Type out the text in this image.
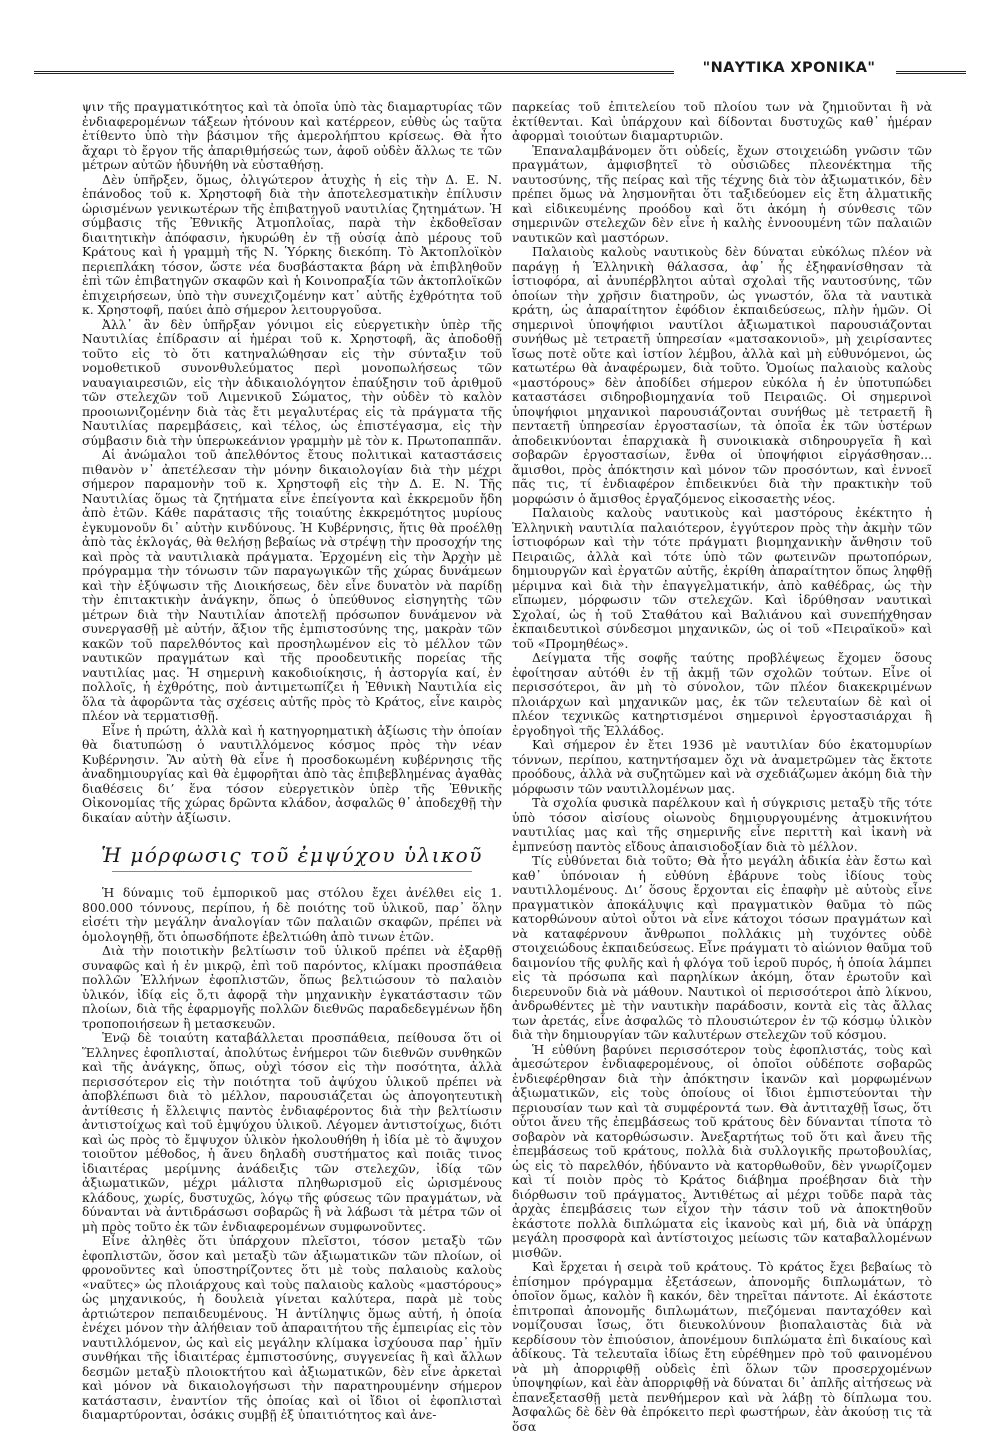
"ΝΑΥΤΙΚΑ ΧΡΟΝΙΚΑ"

ψιν τῆς πραγματικότητος καὶ τὰ ὁποῖα ὑπὸ τὰς διαμαρτυρίας τῶν ἐνδιαφερομένων τάξεων ἠτόνουν καὶ κατέρρεον, εὐθὺς ὡς ταῦτα ἐτίθεντο ὑπὸ τὴν βάσιμον τῆς ἀμερολήπτου κρίσεως. Θὰ ἦτο ἄχαρι τὸ ἔργον τῆς ἀπαριθμήσεώς των, ἀφοῦ οὐδὲν ἄλλως τε τῶν μέτρων αὐτῶν ἠδυνήθη νὰ εὐσταθήσῃ.

Δὲν ὑπῆρξεν, ὅμως, ὀλιγώτερον ἀτυχὴς ἡ εἰς τὴν Δ. Ε. Ν. ἐπάνοδος τοῦ κ. Χρηστοφῆ διὰ τὴν ἀποτελεσματικὴν ἐπίλυσιν ὡρισμένων γενικωτέρων τῆς ἐπιβατηγοῦ ναυτιλίας ζητημάτων. Ἡ σύμβασις τῆς Ἐθνικῆς Ἀτμοπλοΐας, παρὰ τὴν ἐκδοθεῖσαν διαιτητικὴν ἀπόφασιν, ἠκυρώθη ἐν τῇ οὐσίᾳ ἀπὸ μέρους τοῦ Κράτους καὶ ἡ γραμμὴ τῆς Ν. Ὑόρκης διεκόπη. Τὸ Ἀκτοπλοϊκὸν περιεπλάκη τόσον, ὥστε νέα δυσβάστακτα βάρη νὰ ἐπιβληθοῦν ἐπὶ τῶν ἐπιβατηγῶν σκαφῶν καὶ ἡ Κοινοπραξία τῶν ἀκτοπλοϊκῶν ἐπιχειρήσεων, ὑπὸ τὴν συνεχιζομένην κατ᾽ αὐτῆς ἐχθρότητα τοῦ κ. Χρηστοφῆ, παύει ἀπὸ σήμερον λειτουργοῦσα.

Ἀλλ᾽ ἂν δὲν ὑπῆρξαν γόνιμοι εἰς εὐεργετικὴν ὑπὲρ τῆς Ναυτιλίας ἐπίδρασιν αἱ ἡμέραι τοῦ κ. Χρηστοφῆ, ἂς ἀποδοθῇ τοῦτο εἰς τὸ ὅτι κατηναλώθησαν εἰς τὴν σύνταξιν τοῦ νομοθετικοῦ συνονθυλεύματος περὶ μονοπωλήσεως τῶν ναυαγιαιρεσιῶν, εἰς τὴν ἀδικαιολόγητον ἐπαύξησιν τοῦ ἀριθμοῦ τῶν στελεχῶν τοῦ Λιμενικοῦ Σώματος, τὴν οὐδὲν τὸ καλὸν προοιωνιζομένην διὰ τὰς ἔτι μεγαλυτέρας εἰς τὰ πράγματα τῆς Ναυτιλίας παρεμβάσεις, καὶ τέλος, ὡς ἐπιστέγασμα, εἰς τὴν σύμβασιν διὰ τὴν ὑπερωκεάνιον γραμμὴν μὲ τὸν κ. Πρωτοπαππᾶν.

Αἱ ἀνώμαλοι τοῦ ἀπελθόντος ἔτους πολιτικαὶ καταστάσεις πιθανὸν ν᾽ ἀπετέλεσαν τὴν μόνην δικαιολογίαν διὰ τὴν μέχρι σήμερον παραμονὴν τοῦ κ. Χρηστοφῆ εἰς τὴν Δ. Ε. Ν. Τῆς Ναυτιλίας ὅμως τὰ ζητήματα εἶνε ἐπείγοντα καὶ ἐκκρεμοῦν ἤδη ἀπὸ ἐτῶν. Κάθε παράτασις τῆς τοιαύτης ἐκκρεμότητος μυρίους ἐγκυμονοῦν δι᾽ αὐτὴν κινδύνους. Ἡ Κυβέρνησις, ἥτις θὰ προέλθῃ ἀπὸ τὰς ἐκλογάς, θὰ θελήσῃ βεβαίως νὰ στρέψῃ τὴν προσοχήν της καὶ πρὸς τὰ ναυτιλιακὰ πράγματα. Ἐρχομένη εἰς τὴν Ἀρχὴν μὲ πρόγραμμα τὴν τόνωσιν τῶν παραγωγικῶν τῆς χώρας δυνάμεων καὶ τὴν ἐξύψωσιν τῆς Διοικήσεως, δὲν εἶνε δυνατὸν νὰ παρίδῃ τὴν ἐπιτακτικὴν ἀνάγκην, ὅπως ὁ ὑπεύθυνος εἰσηγητὴς τῶν μέτρων διὰ τὴν Ναυτιλίαν ἀποτελῇ πρόσωπον δυνάμενον νὰ συνεργασθῇ μὲ αὐτήν, ἄξιον τῆς ἐμπιστοσύνης της, μακρὰν τῶν κακῶν τοῦ παρελθόντος καὶ προσηλωμένον εἰς τὸ μέλλον τῶν ναυτικῶν πραγμάτων καὶ τῆς προοδευτικῆς πορείας τῆς ναυτιλίας μας. Ἡ σημερινὴ κακοδιοίκησις, ἡ ἀστοργία καί, ἐν πολλοῖς, ἡ ἐχθρότης, ποὺ ἀντιμετωπίζει ἡ Ἐθνικὴ Ναυτιλία εἰς ὅλα τὰ ἀφορῶντα τὰς σχέσεις αὐτῆς πρὸς τὸ Κράτος, εἶνε καιρὸς πλέον νὰ τερματισθῇ.

Εἶνε ἡ πρώτη, ἀλλὰ καὶ ἡ κατηγορηματικὴ ἀξίωσις τὴν ὁποίαν θὰ διατυπώσῃ ὁ ναυτιλλόμενος κόσμος πρὸς τὴν νέαν Κυβέρνησιν. Ἂν αὐτὴ θὰ εἶνε ἡ προσδοκωμένη κυβέρνησις τῆς ἀναδημιουργίας καὶ θὰ ἐμφορῆται ἀπὸ τὰς ἐπιβεβλημένας ἀγαθὰς διαθέσεις διʼ ἕνα τόσον εὐεργετικὸν ὑπὲρ τῆς Ἐθνικῆς Οἰκονομίας τῆς χώρας δρῶντα κλάδον, ἀσφαλῶς θ᾽ ἀποδεχθῇ τὴν δικαίαν αὐτὴν ἀξίωσιν.

Ἡ μόρφωσις τοῦ ἐμψύχου ὑλικοῦ

Ἡ δύναμις τοῦ ἐμπορικοῦ μας στόλου ἔχει ἀνέλθει εἰς 1. 800.000 τόννους, περίπου, ἡ δὲ ποιότης τοῦ ὑλικοῦ, παρ᾽ ὅλην εἰσέτι τὴν μεγάλην ἀναλογίαν τῶν παλαιῶν σκαφῶν, πρέπει νὰ ὁμολογηθῇ, ὅτι ὁπωσδήποτε ἐβελτιώθη ἀπὸ τινων ἐτῶν.

Διὰ τὴν ποιοτικὴν βελτίωσιν τοῦ ὑλικοῦ πρέπει νὰ ἐξαρθῇ συναφῶς καὶ ἡ ἐν μικρῷ, ἐπὶ τοῦ παρόντος, κλίμακι προσπάθεια πολλῶν Ἑλλήνων ἐφοπλιστῶν, ὅπως βελτιώσουν τὸ παλαιὸν ὑλικόν, ἰδίᾳ εἰς ὅ,τι ἀφορᾷ τὴν μηχανικὴν ἐγκατάστασιν τῶν πλοίων, διὰ τῆς ἐφαρμογῆς πολλῶν διεθνῶς παραδεδεγμένων ἤδη τροποποιήσεων ἢ μετασκευῶν.

Ἐνῷ δὲ τοιαύτη καταβάλλεται προσπάθεια, πείθουσα ὅτι οἱ Ἕλληνες ἐφοπλισταί, ἀπολύτως ἐνήμεροι τῶν διεθνῶν συνθηκῶν καὶ τῆς ἀνάγκης, ὅπως, οὐχὶ τόσον εἰς τὴν ποσότητα, ἀλλὰ περισσότερον εἰς τὴν ποιότητα τοῦ ἀψύχου ὑλικοῦ πρέπει νὰ ἀποβλέπωσι διὰ τὸ μέλλον, παρουσιάζεται ὡς ἀπογοητευτικὴ ἀντίθεσις ἡ ἔλλειψις παντὸς ἐνδιαφέροντος διὰ τὴν βελτίωσιν ἀντιστοίχως καὶ τοῦ ἐμψύχου ὑλικοῦ. Λέγομεν ἀντιστοίχως, διότι καὶ ὡς πρὸς τὸ ἔμψυχον ὑλικὸν ἠκολουθήθη ἡ ἰδία μὲ τὸ ἄψυχον τοιοῦτον μέθοδος, ἡ ἄνευ δηλαδὴ συστήματος καὶ ποιᾶς τινος ἰδιαιτέρας μερίμνης ἀνάδειξις τῶν στελεχῶν, ἰδίᾳ τῶν ἀξιωματικῶν, μέχρι μάλιστα πληθωρισμοῦ εἰς ὡρισμένους κλάδους, χωρίς, δυστυχῶς, λόγῳ τῆς φύσεως τῶν πραγμάτων, νὰ δύνανται νὰ ἀντιδράσωσι σοβαρῶς ἢ νὰ λάβωσι τὰ μέτρα τῶν οἱ μὴ πρὸς τοῦτο ἐκ τῶν ἐνδιαφερομένων συμφωνοῦντες.

Εἶνε ἀληθὲς ὅτι ὑπάρχουν πλεῖστοι, τόσον μεταξὺ τῶν ἐφοπλιστῶν, ὅσον καὶ μεταξὺ τῶν ἀξιωματικῶν τῶν πλοίων, οἱ φρονοῦντες καὶ ὑποστηρίζοντες ὅτι μὲ τοὺς παλαιοὺς καλοὺς «ναῦτες» ὡς πλοιάρχους καὶ τοὺς παλαιοὺς καλοὺς «μαστόρους» ὡς μηχανικούς, ἡ δουλειὰ γίνεται καλύτερα, παρὰ μὲ τοὺς ἀρτιώτερον πεπαιδευμένους. Ἡ ἀντίληψις ὅμως αὐτή, ἡ ὁποία ἐνέχει μόνον τὴν ἀλήθειαν τοῦ ἀπαραιτήτου τῆς ἐμπειρίας εἰς τὸν ναυτιλλόμενον, ὡς καὶ εἰς μεγάλην κλίμακα ἰσχύουσα παρ᾽ ἡμῖν συνθήκαι τῆς ἰδιαιτέρας ἐμπιστοσύνης, συγγενείας ἢ καὶ ἄλλων δεσμῶν μεταξὺ πλοιοκτήτου καὶ ἀξιωματικῶν, δὲν εἶνε ἀρκεταὶ καὶ μόνον νὰ δικαιολογήσωσι τὴν παρατηρουμένην σήμερον κατάστασιν, ἐναντίον τῆς ὁποίας καὶ οἱ ἴδιοι οἱ ἐφοπλισταὶ διαμαρτύρονται, ὁσάκις συμβῇ ἐξ ὑπαιτιότητος καὶ ἀνε-

παρκείας τοῦ ἐπιτελείου τοῦ πλοίου των νὰ ζημιοῦνται ἢ νὰ ἐκτίθενται. Καὶ ὑπάρχουν καὶ δίδονται δυστυχῶς καθ᾽ ἡμέραν ἀφορμαὶ τοιούτων διαμαρτυριῶν.

Ἐπαναλαμβάνομεν ὅτι οὐδείς, ἔχων στοιχειώδη γνῶσιν τῶν πραγμάτων, ἀμφισβητεῖ τὸ οὐσιῶδες πλεονέκτημα τῆς ναυτοσύνης, τῆς πείρας καὶ τῆς τέχνης διὰ τὸν ἀξιωματικόν, δὲν πρέπει ὅμως νὰ λησμονῆται ὅτι ταξιδεύομεν εἰς ἔτη ἀλματικῆς καὶ εἰδικευμένης προόδου καὶ ὅτι ἀκόμη ἡ σύνθεσις τῶν σημερινῶν στελεχῶν δὲν εἶνε ἡ καλὴς ἐννοουμένη τῶν παλαιῶν ναυτικῶν καὶ μαστόρων.

Παλαιοὺς καλοὺς ναυτικοὺς δὲν δύναται εὐκόλως πλέον νὰ παράγῃ ἡ Ἑλληνικὴ θάλασσα, ἀφ᾽ ἧς ἐξηφανίσθησαν τὰ ἱστιοφόρα, αἱ ἀνυπέρβλητοι αὐταὶ σχολαὶ τῆς ναυτοσύνης, τῶν ὁποίων τὴν χρῆσιν διατηροῦν, ὡς γνωστόν, ὅλα τὰ ναυτικὰ κράτη, ὡς ἀπαραίτητον ἐφόδιον ἐκπαιδεύσεως, πλὴν ἡμῶν. Οἱ σημερινοὶ ὑποψήφιοι ναυτίλοι ἀξιωματικοὶ παρουσιάζονται συνήθως μὲ τετραετῆ ὑπηρεσίαν «ματσακονιοῦ», μὴ χειρίσαντες ἴσως ποτὲ οὔτε καὶ ἱστίον λέμβου, ἀλλὰ καὶ μὴ εὐθυνόμενοι, ὡς κατωτέρω θὰ ἀναφέρωμεν, διὰ τοῦτο. Ὁμοίως παλαιοὺς καλοὺς «μαστόρους» δὲν ἀποδίδει σήμερον εὐκόλα ἡ ἐν ὑποτυπώδει καταστάσει σιδηροβιομηχανία τοῦ Πειραιῶς. Οἱ σημερινοὶ ὑποψήφιοι μηχανικοὶ παρουσιάζονται συνήθως μὲ τετραετῆ ἢ πενταετῆ ὑπηρεσίαν ἐργοστασίων, τὰ ὁποῖα ἐκ τῶν ὑστέρων ἀποδεικνύονται ἐπαρχιακὰ ἢ συνοικιακὰ σιδηρουργεῖα ἢ καὶ σοβαρῶν ἐργοστασίων, ἔνθα οἱ ὑποψήφιοι εἰργάσθησαν... ἄμισθοι, πρὸς ἀπόκτησιν καὶ μόνον τῶν προσόντων, καὶ ἐννοεῖ πᾶς τις, τί ἐνδιαφέρον ἐπιδεικνύει διὰ τὴν πρακτικὴν τοῦ μορφώσιν ὁ ἄμισθος ἐργαζόμενος εἰκοσαετὴς νέος.

Παλαιοὺς καλοὺς ναυτικοὺς καὶ μαστόρους ἐκέκτητο ἡ Ἑλληνικὴ ναυτιλία παλαιότερον, ἐγγύτερον πρὸς τὴν ἀκμὴν τῶν ἱστιοφόρων καὶ τὴν τότε πράγματι βιομηχανικὴν ἄνθησιν τοῦ Πειραιῶς, ἀλλὰ καὶ τότε ὑπὸ τῶν φωτεινῶν πρωτοπόρων, δημιουργῶν καὶ ἐργατῶν αὐτῆς, ἐκρίθη ἀπαραίτητον ὅπως ληφθῇ μέριμνα καὶ διὰ τὴν ἐπαγγελματικήν, ἀπὸ καθέδρας, ὡς τὴν εἴπωμεν, μόρφωσιν τῶν στελεχῶν. Καὶ ἱδρύθησαν ναυτικαὶ Σχολαί, ὡς ἡ τοῦ Σταθάτου καὶ Βαλιάνου καὶ συνεπήχθησαν ἐκπαιδευτικοὶ σύνδεσμοι μηχανικῶν, ὡς οἱ τοῦ «Πειραϊκοῦ» καὶ τοῦ «Προμηθέως».

Δείγματα τῆς σοφῆς ταύτης προβλέψεως ἔχομεν ὅσους ἐφοίτησαν αὐτόθι ἐν τῇ ἀκμῇ τῶν σχολῶν τούτων. Εἶνε οἱ περισσότεροι, ἂν μὴ τὸ σύνολον, τῶν πλέον διακεκριμένων πλοιάρχων καὶ μηχανικῶν μας, ἐκ τῶν τελευταίων δὲ καὶ οἱ πλέον τεχνικῶς κατηρτισμένοι σημερινοὶ ἐργοστασιάρχαι ἢ ἐργοδηγοὶ τῆς Ἑλλάδος.

Καὶ σήμερον ἐν ἔτει 1936 μὲ ναυτιλίαν δύο ἑκατομυρίων τόννων, περίπου, κατηντήσαμεν ὄχι νὰ ἀναμετρῶμεν τὰς ἔκτοτε προόδους, ἀλλὰ νὰ συζητῶμεν καὶ νὰ σχεδιάζωμεν ἀκόμη διὰ τὴν μόρφωσιν τῶν ναυτιλλομένων μας.

Τὰ σχολία φυσικὰ παρέλκουν καὶ ἡ σύγκρισις μεταξὺ τῆς τότε ὑπὸ τόσον αἰσίους οἰωνοὺς δημιουργουμένης ἀτμοκινήτου ναυτιλίας μας καὶ τῆς σημερινῆς εἶνε περιττὴ καὶ ἱκανὴ νὰ ἐμπνεύσῃ παντὸς εἴδους ἀπαισιοδοξίαν διὰ τὸ μέλλον.

Τίς εὐθύνεται διὰ τοῦτο; Θὰ ἦτο μεγάλη ἀδικία ἐὰν ἔστω καὶ καθ᾽ ὑπόνοιαν ἡ εὐθύνη ἐβάρυνε τοὺς ἰδίους τοὺς ναυτιλλομένους. Διʼ ὅσους ἔρχονται εἰς ἐπαφὴν μὲ αὐτοὺς εἶνε πραγματικὸν ἀποκάλυψις καὶ πραγματικὸν θαῦμα τὸ πῶς κατορθώνουν αὐτοὶ οὗτοι νὰ εἶνε κάτοχοι τόσων πραγμάτων καὶ νὰ καταφέρνουν ἄνθρωποι πολλάκις μὴ τυχόντες οὐδὲ στοιχειώδους ἐκπαιδεύσεως. Εἶνε πράγματι τὸ αἰώνιον θαῦμα τοῦ δαιμονίου τῆς φυλῆς καὶ ἡ φλόγα τοῦ ἱεροῦ πυρός, ἡ ὁποία λάμπει εἰς τὰ πρόσωπα καὶ παρηλίκων ἀκόμη, ὅταν ἐρωτοῦν καὶ διερευνοῦν διὰ νὰ μάθουν. Ναυτικοὶ οἱ περισσότεροι ἀπὸ λίκνου, ἀνδρωθέντες μὲ τὴν ναυτικὴν παράδοσιν, κοντὰ εἰς τὰς ἄλλας των ἀρετάς, εἶνε ἀσφαλῶς τὸ πλουσιώτερον ἐν τῷ κόσμῳ ὑλικὸν διὰ τὴν δημιουργίαν τῶν καλυτέρων στελεχῶν τοῦ κόσμου.

Ἡ εὐθύνη βαρύνει περισσότερον τοὺς ἐφοπλιστάς, τοὺς καὶ ἀμεσώτερον ἐνδιαφερομένους, οἱ ὁποῖοι οὐδέποτε σοβαρῶς ἐνδιεφέρθησαν διὰ τὴν ἀπόκτησιν ἱκανῶν καὶ μορφωμένων ἀξιωματικῶν, εἰς τοὺς ὁποίους οἱ ἴδιοι ἐμπιστεύονται τὴν περιουσίαν των καὶ τὰ συμφέροντά των. Θὰ ἀντιταχθῇ ἴσως, ὅτι οὗτοι ἄνευ τῆς ἐπεμβάσεως τοῦ κράτους δὲν δύνανται τίποτα τὸ σοβαρὸν νὰ κατορθώσωσιν. Ἀνεξαρτήτως τοῦ ὅτι καὶ ἄνευ τῆς ἐπεμβάσεως τοῦ κράτους, πολλὰ διὰ συλλογικῆς πρωτοβουλίας, ὡς εἰς τὸ παρελθόν, ἠδύναντο νὰ κατορθωθοῦν, δὲν γνωρίζομεν καὶ τί ποιὸν πρὸς τὸ Κράτος διάβημα προέβησαν διὰ τὴν διόρθωσιν τοῦ πράγματος. Ἀντιθέτως αἱ μέχρι τοῦδε παρὰ τὰς ἀρχὰς ἐπεμβάσεις των εἶχον τὴν τάσιν τοῦ νὰ ἀποκτηθοῦν ἑκάστοτε πολλὰ διπλώματα εἰς ἱκανοὺς καὶ μή, διὰ νὰ ὑπάρχῃ μεγάλη προσφορὰ καὶ ἀντίστοιχος μείωσις τῶν καταβαλλομένων μισθῶν.

Καὶ ἔρχεται ἡ σειρὰ τοῦ κράτους. Τὸ κράτος ἔχει βεβαίως τὸ ἐπίσημον πρόγραμμα ἐξετάσεων, ἀπονομῆς διπλωμάτων, τὸ ὁποῖον ὅμως, καλὸν ἢ κακόν, δὲν τηρεῖται πάντοτε. Αἱ ἑκάστοτε ἐπιτροπαὶ ἀπονομῆς διπλωμάτων, πιεζόμεναι πανταχόθεν καὶ νομίζουσαι ἴσως, ὅτι διευκολύνουν βιοπαλαιστὰς διὰ νὰ κερδίσουν τὸν ἐπιούσιον, ἀπονέμουν διπλώματα ἐπὶ δικαίους καὶ ἀδίκους. Τὰ τελευταῖα ἰδίως ἔτη εὑρέθημεν πρὸ τοῦ φαινομένου νὰ μὴ ἀπορριφθῇ οὐδεὶς ἐπὶ ὅλων τῶν προσερχομένων ὑποψηφίων, καὶ ἐὰν ἀπορριφθῇ νὰ δύναται δι᾽ ἁπλῆς αἰτήσεως νὰ ἐπανεξετασθῇ μετὰ πενθήμερον καὶ νὰ λάβῃ τὸ δίπλωμα του. Ἀσφαλῶς δὲ δὲν θὰ ἐπρόκειτο περὶ φωστήρων, ἐὰν ἀκούσῃ τις τὰ ὅσα
